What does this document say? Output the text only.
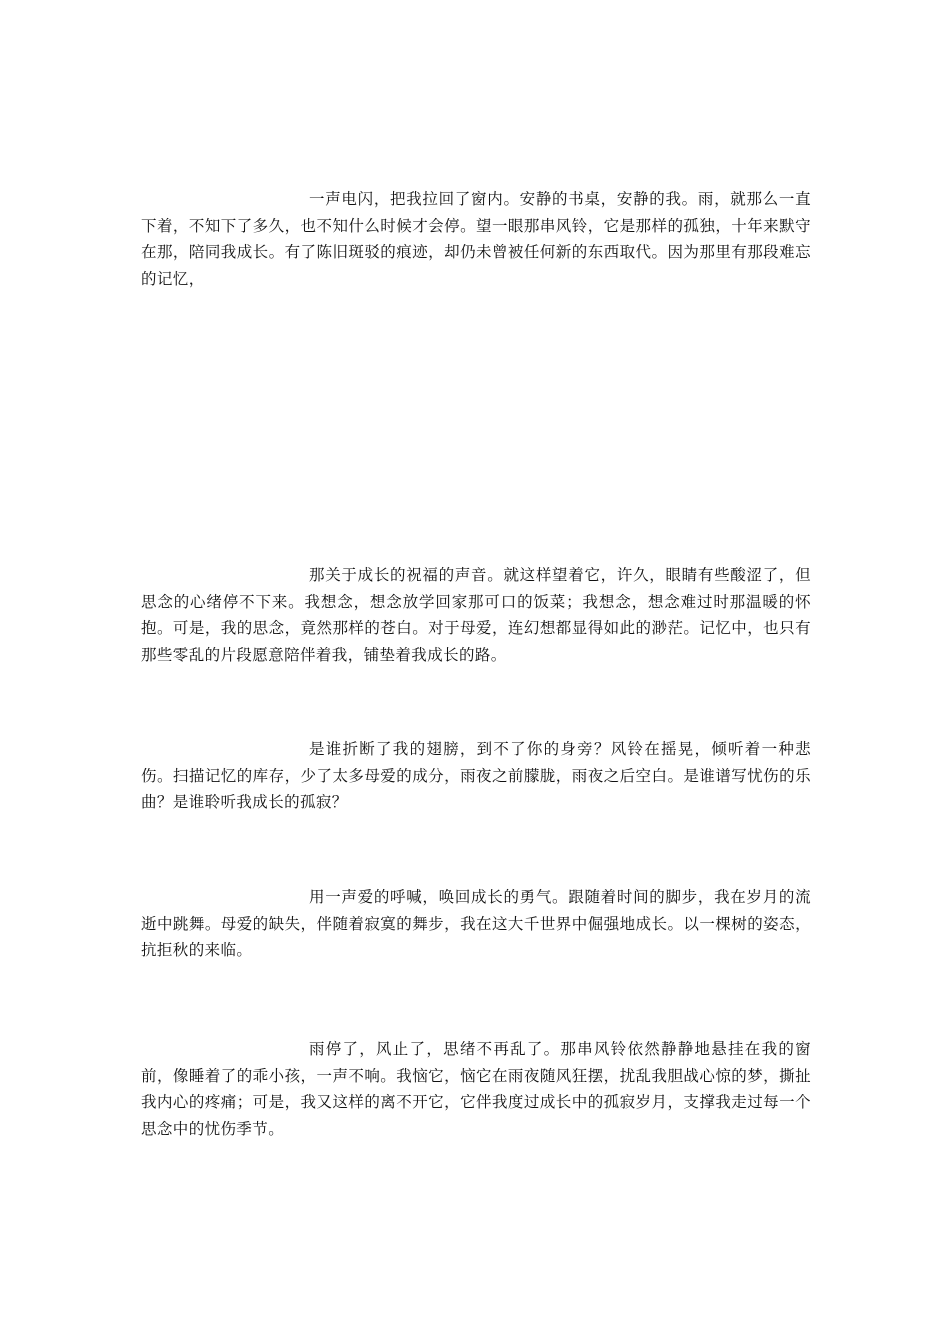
一声电闪，把我拉回了窗内。安静的书桌，安静的我。雨，就那么一直下着，不知下了多久，也不知什么时候才会停。望一眼那串风铃，它是那样的孤独，十年来默守在那，陪同我成长。有了陈旧斑驳的痕迹，却仍未曾被任何新的东西取代。因为那里有那段难忘的记忆，

那关于成长的祝福的声音。就这样望着它，许久，眼睛有些酸涩了，但思念的心绪停不下来。我想念，想念放学回家那可口的饭菜；我想念，想念难过时那温暖的怀抱。可是，我的思念，竟然那样的苍白。对于母爱，连幻想都显得如此的渺茫。记忆中，也只有那些零乱的片段愿意陪伴着我，铺垫着我成长的路。

是谁折断了我的翅膀，到不了你的身旁？风铃在摇晃，倾听着一种悲伤。扫描记忆的库存，少了太多母爱的成分，雨夜之前朦胧，雨夜之后空白。是谁谱写忧伤的乐曲？是谁聆听我成长的孤寂？

用一声爱的呼喊，唤回成长的勇气。跟随着时间的脚步，我在岁月的流逝中跳舞。母爱的缺失，伴随着寂寞的舞步，我在这大千世界中倔强地成长。以一棵树的姿态，抗拒秋的来临。

雨停了，风止了，思绪不再乱了。那串风铃依然静静地悬挂在我的窗前，像睡着了的乖小孩，一声不响。我恼它，恼它在雨夜随风狂摆，扰乱我胆战心惊的梦，撕扯我内心的疼痛；可是，我又这样的离不开它，它伴我度过成长中的孤寂岁月，支撑我走过每一个思念中的忧伤季节。
